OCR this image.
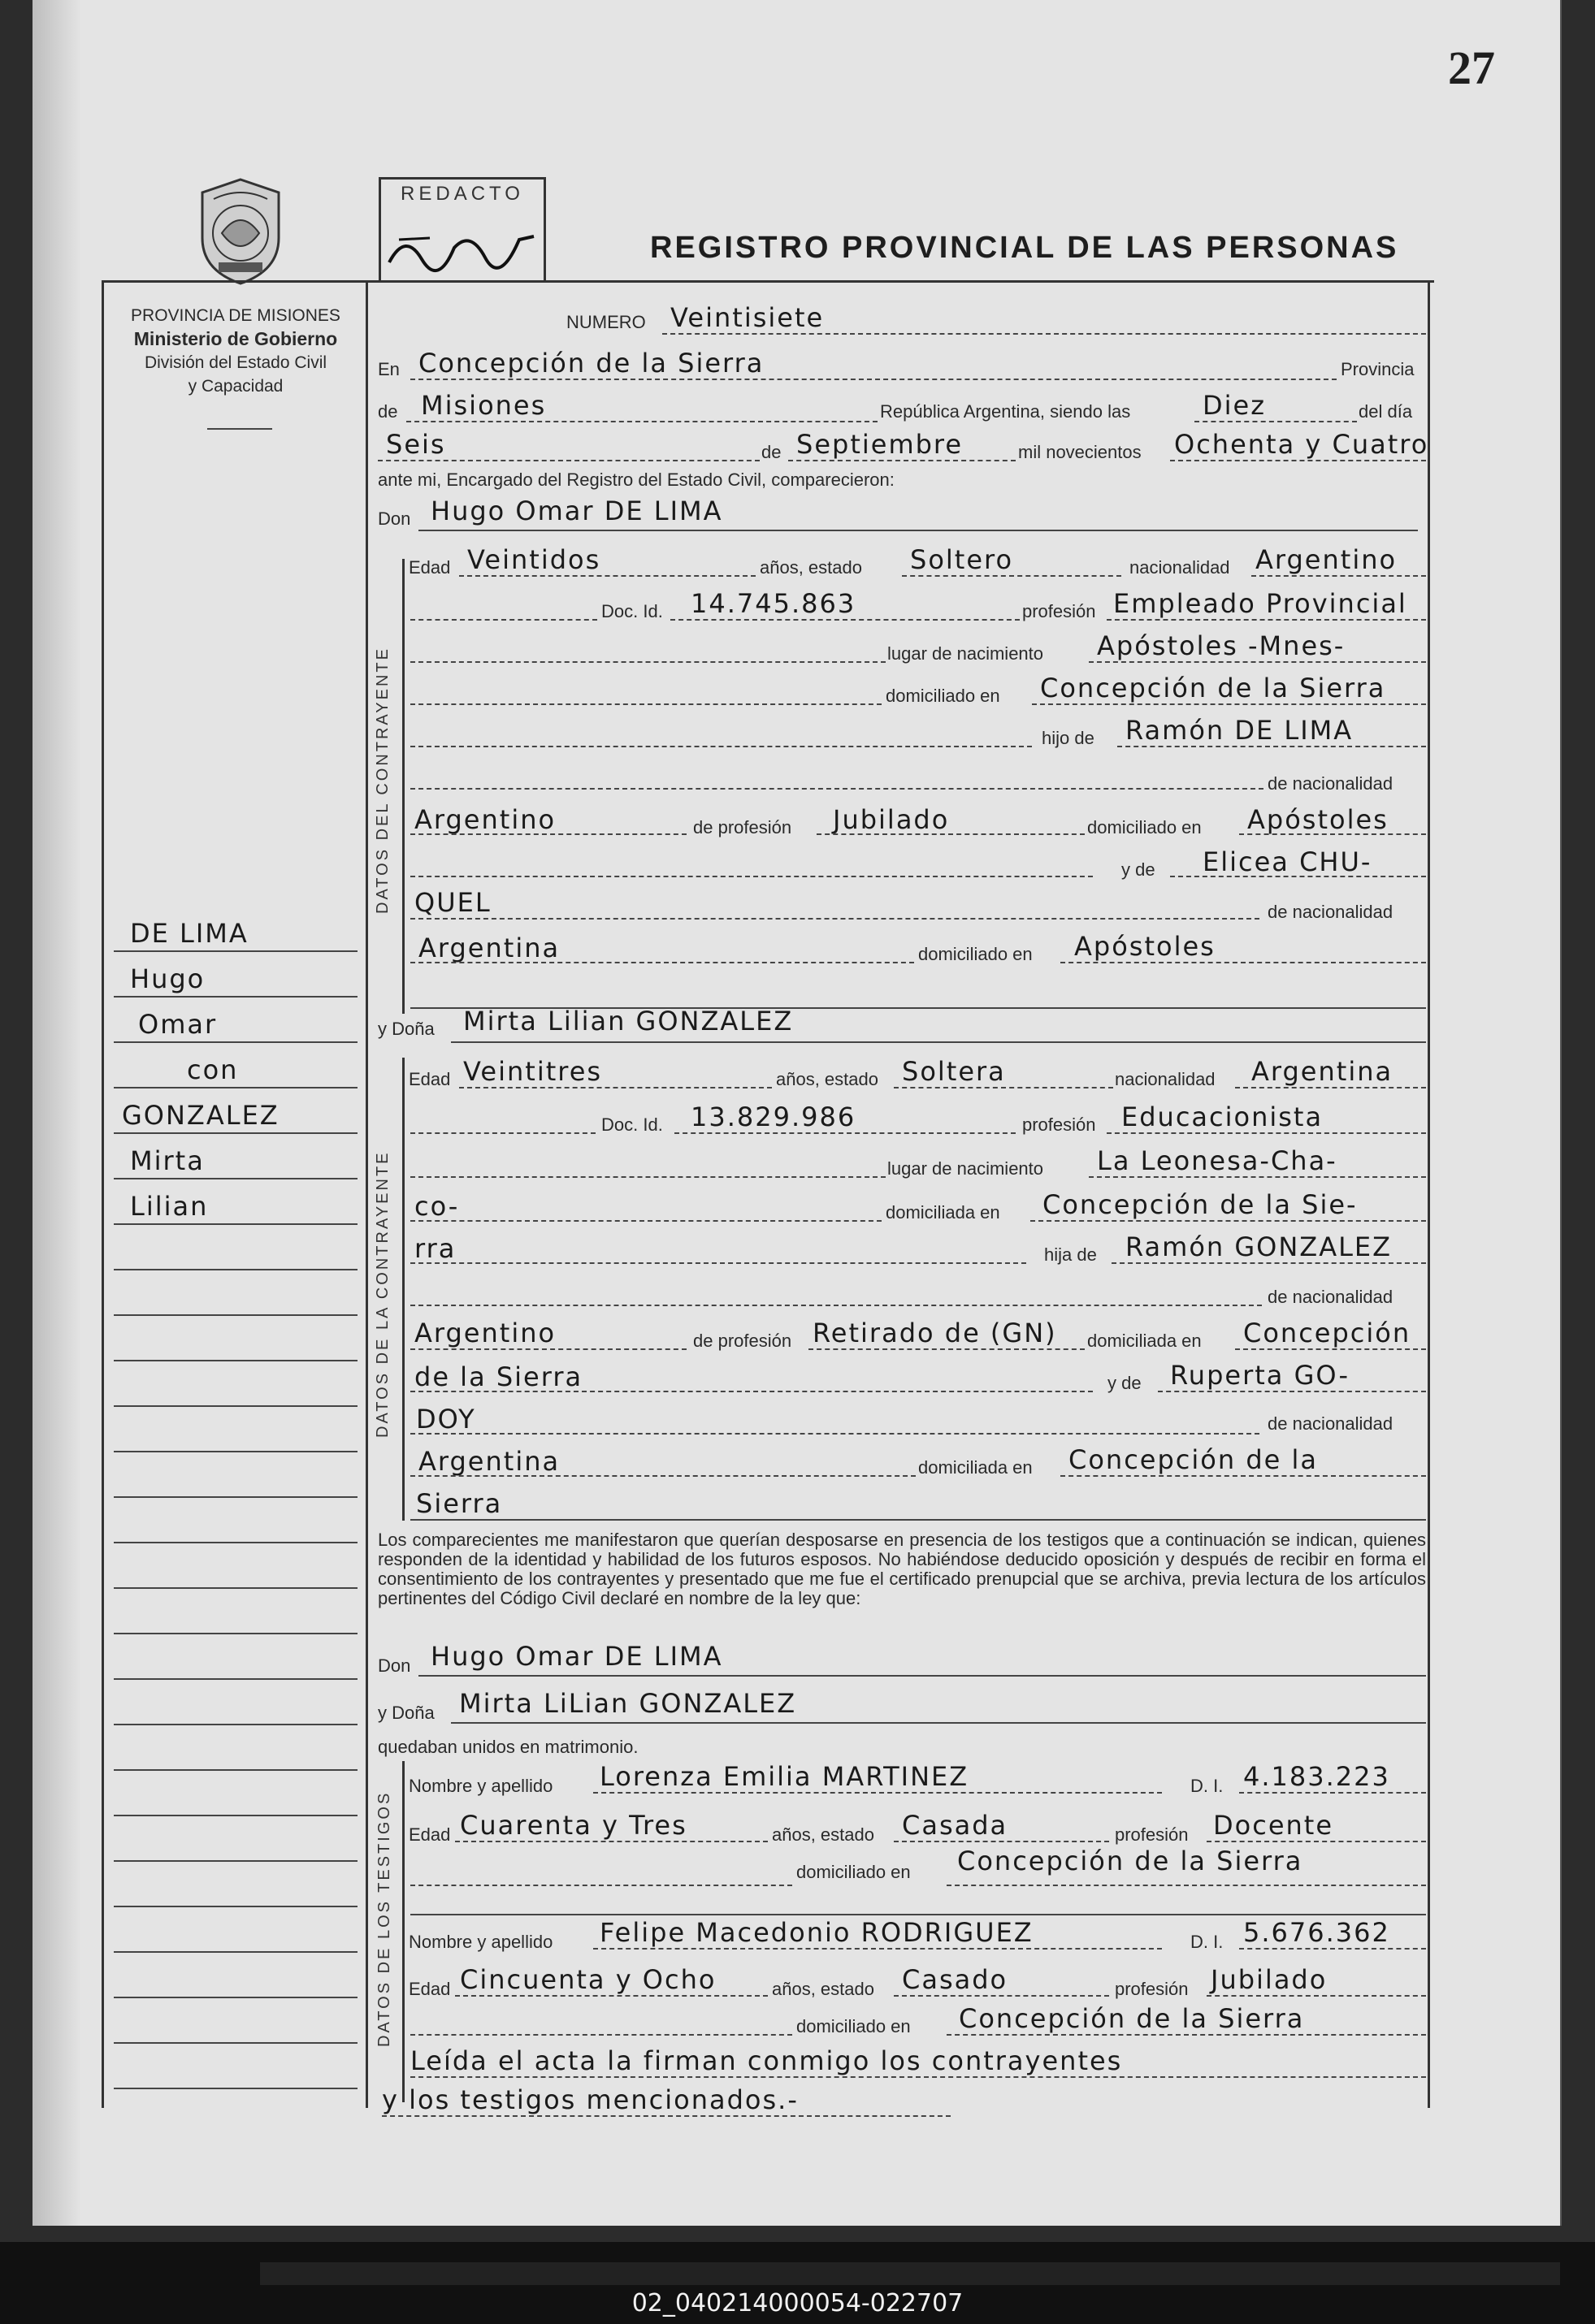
02_040214000054-022707
27
PROVINCIA DE MISIONES
Ministerio de Gobierno
División del Estado Civil
y Capacidad
REDACTO
REGISTRO PROVINCIAL DE LAS PERSONAS
DE LIMA
Hugo
Omar
con
GONZALEZ
Mirta
Lilian
NUMERO Veintisiete
En Concepción de la Sierra	Provincia
de Misiones	República Argentina, siendo las	Diez	del día
Seis	de Septiembre	mil novecientos Ochenta y Cuatro
ante mi, Encargado del Registro del Estado Civil, comparecieron:
Don Hugo Omar DE LIMA
DATOS DEL CONTRAYENTE
Edad Veintidos	años, estado Soltero	nacionalidad Argentino
Doc. Id. 14.745.863	profesión Empleado Provincial
lugar de nacimiento Apóstoles -Mnes-
domiciliado en Concepción de la Sierra
hijo de Ramón DE LIMA
de nacionalidad
Argentino	de profesión Jubilado	domiciliado en Apóstoles
y de Elicea CHU-
QUEL	de nacionalidad
Argentina	domiciliado en Apóstoles
y Doña Mirta Lilian GONZALEZ
DATOS DE LA CONTRAYENTE
Edad Veintitres	años, estado Soltera	nacionalidad Argentina
Doc. Id. 13.829.986	profesión Educacionista
lugar de nacimiento La Leonesa-Cha-
co-	domiciliada en Concepción de la Sie-
rra	hija de Ramón GONZALEZ
de nacionalidad
Argentino	de profesión Retirado de (GN) domiciliada en Concepción
de la Sierra	y de Ruperta GO-
DOY	de nacionalidad
Argentina	domiciliada en Concepción de la
Sierra
Los comparecientes me manifestaron que querían desposarse en presencia de los testigos que a continuación se indican, quienes responden de la identidad y habilidad de los futuros esposos. No habiéndose deducido oposición y después de recibir en forma el consentimiento de los contrayentes y presentado que me fue el certificado prenupcial que se archiva, previa lectura de los artículos pertinentes del Código Civil declaré en nombre de la ley que:
Don Hugo Omar DE LIMA
y Doña Mirta LiLian GONZALEZ
quedaban unidos en matrimonio.
DATOS DE LOS TESTIGOS
Nombre y apellido Lorenza Emilia MARTINEZ	D. I. 4.183.223
Edad Cuarenta y Tres	años, estado Casada	profesión Docente
domiciliado en Concepción de la Sierra
Nombre y apellido Felipe Macedonio RODRIGUEZ	D. I. 5.676.362
Edad Cincuenta y Ocho	años, estado Casado	profesión Jubilado
domiciliado en Concepción de la Sierra
Leída el acta la firman conmigo los contrayentes
y los testigos mencionados.-
